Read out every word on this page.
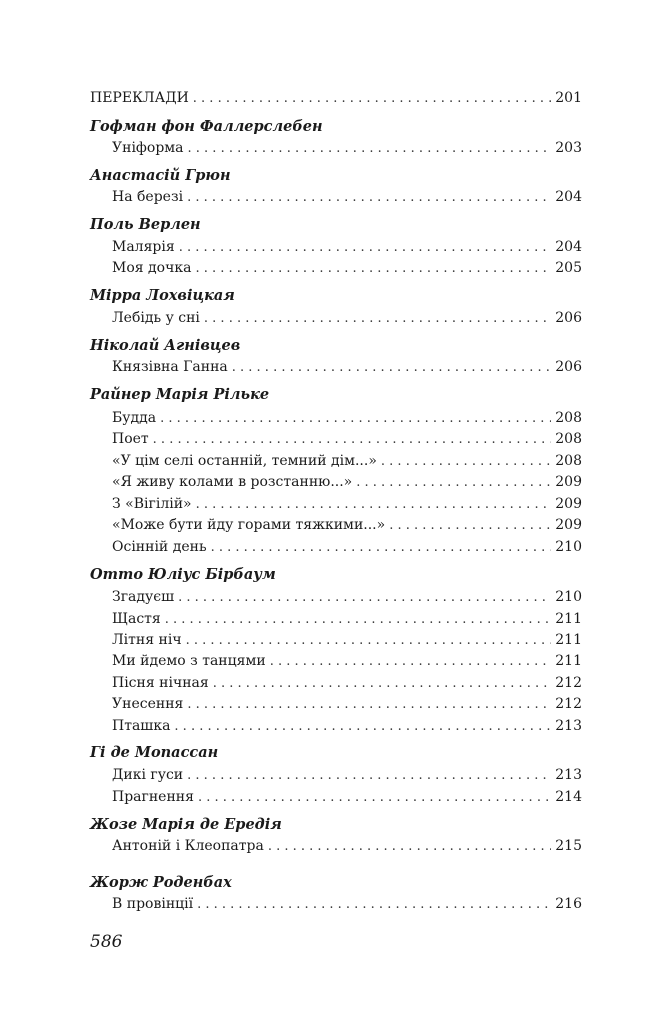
ПЕРЕКЛАДИ . . .	201
Гофман фон Фаллерслебен
Уніформа . . .	203
Анастасій Грюн
На березі . . .	204
Поль Верлен
Малярія . . .	204
Моя дочка . . .	205
Мірра Лохвіцкая
Лебідь у сні . . .	206
Ніколай Агнівцев
Князівна Ганна . . .	206
Райнер Марія Рільке
Будда . . .	208
Поет . . .	208
«У цім селі останній, темний дім...» . . .	208
«Я живу колами в розстанню...» . . .	209
З «Вігілій» . . .	209
«Може бути йду горами тяжкими...» . . .	209
Осінній день . . .	210
Отто Юліус Бірбаум
Згадуєш . . .	210
Щастя . . .	211
Літня ніч . . .	211
Ми йдемо з танцями . . .	211
Пісня нічная . . .	212
Унесення . . .	212
Пташка . . .	213
Гі де Мопассан
Дикі гуси . . .	213
Прагнення . . .	214
Жозе Марія де Ередія
Антоній і Клеопатра . . .	215
Жорж Роденбах
В провінції . . .	216
586
